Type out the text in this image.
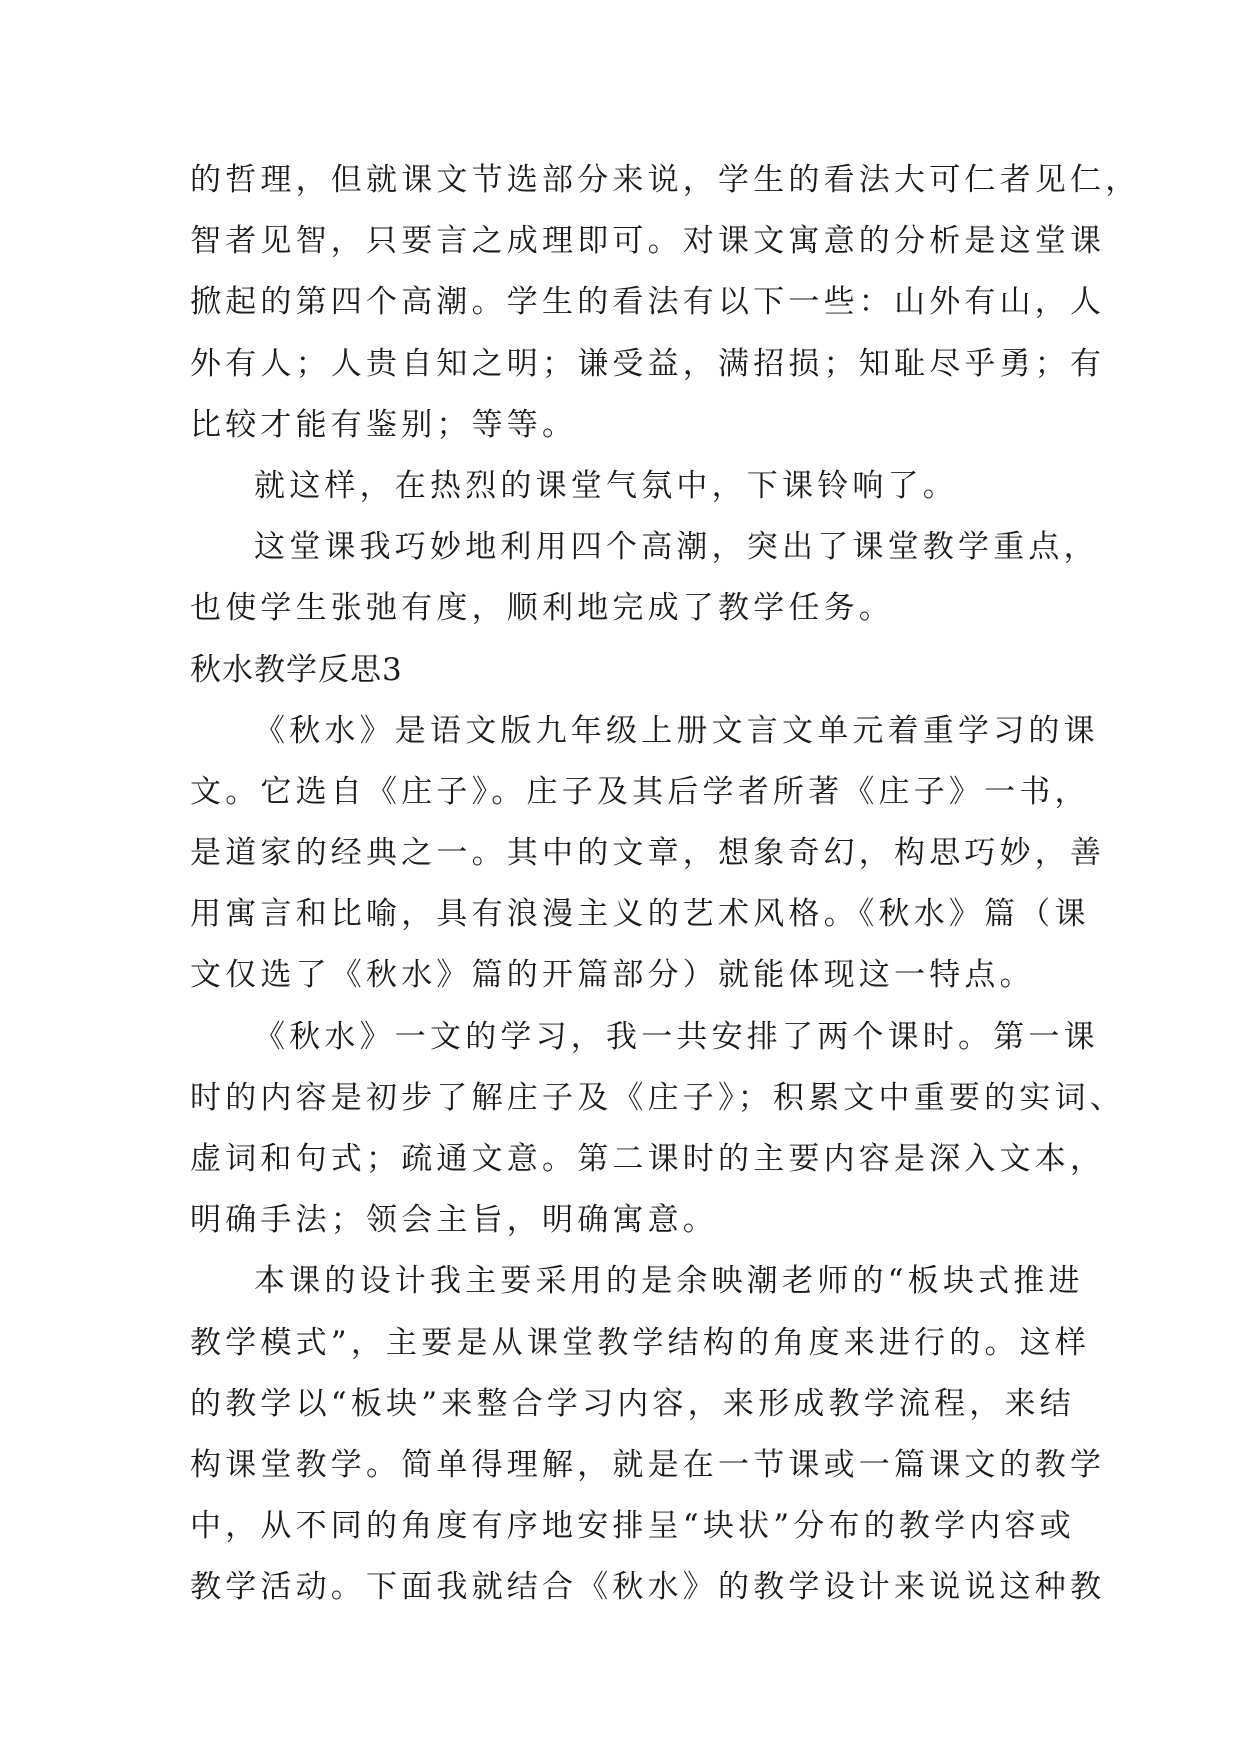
的哲理，但就课文节选部分来说，学生的看法大可仁者见仁，
智者见智，只要言之成理即可。对课文寓意的分析是这堂课
掀起的第四个高潮。学生的看法有以下一些：山外有山，人
外有人；人贵自知之明；谦受益，满招损；知耻尽乎勇；有
比较才能有鉴别；等等。
就这样，在热烈的课堂气氛中，下课铃响了。
这堂课我巧妙地利用四个高潮，突出了课堂教学重点，
也使学生张弛有度，顺利地完成了教学任务。
秋水教学反思3
《秋水》是语文版九年级上册文言文单元着重学习的课
文。它选自《庄子》。庄子及其后学者所著《庄子》一书，
是道家的经典之一。其中的文章，想象奇幻，构思巧妙，善
用寓言和比喻，具有浪漫主义的艺术风格。《秋水》篇（课
文仅选了《秋水》篇的开篇部分）就能体现这一特点。
《秋水》一文的学习，我一共安排了两个课时。第一课
时的内容是初步了解庄子及《庄子》；积累文中重要的实词、
虚词和句式；疏通文意。第二课时的主要内容是深入文本，
明确手法；领会主旨，明确寓意。
本课的设计我主要采用的是余映潮老师的“板块式推进
教学模式”，主要是从课堂教学结构的角度来进行的。这样
的教学以“板块”来整合学习内容，来形成教学流程，来结
构课堂教学。简单得理解，就是在一节课或一篇课文的教学
中，从不同的角度有序地安排呈“块状”分布的教学内容或
教学活动。下面我就结合《秋水》的教学设计来说说这种教
